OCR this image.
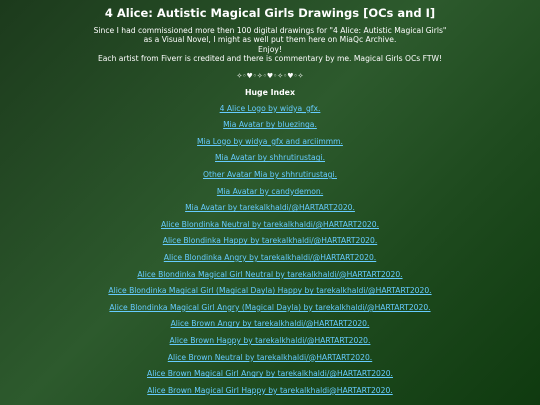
4 Alice: Autistic Magical Girls Drawings [OCs and I]
Since I had commissioned more then 100 digital drawings for "4 Alice: Autistic Magical Girls"
as a Visual Novel, I might as well put them here on MiaQc Archive.
Enjoy!
Each artist from Fiverr is credited and there is commentary by me. Magical Girls OCs FTW!
✧◦♥◦✧◦♥◦✧◦♥◦✧
Huge Index
4 Alice Logo by widya_gfx.
Mia Avatar by bluezinga.
Mia Logo by widya_gfx and arciimmm.
Mia Avatar by shhrutirustagi.
Other Avatar Mia by shhrutirustagi.
Mia Avatar by candydemon.
Mia Avatar by tarekalkhaldi/@HARTART2020.
Alice Blondinka Neutral by tarekalkhaldi/@HARTART2020.
Alice Blondinka Happy by tarekalkhaldi/@HARTART2020.
Alice Blondinka Angry by tarekalkhaldi/@HARTART2020.
Alice Blondinka Magical Girl Neutral by tarekalkhaldi/@HARTART2020.
Alice Blondinka Magical Girl (Magical Dayla) Happy by tarekalkhaldi/@HARTART2020.
Alice Blondinka Magical Girl Angry (Magical Dayla) by tarekalkhaldi/@HARTART2020.
Alice Brown Angry by tarekalkhaldi/@HARTART2020.
Alice Brown Happy by tarekalkhaldi/@HARTART2020.
Alice Brown Neutral by tarekalkhaldi/@HARTART2020.
Alice Brown Magical Girl Angry by tarekalkhaldi/@HARTART2020.
Alice Brown Magical Girl Happy by tarekalkhaldi@HARTART2020.
